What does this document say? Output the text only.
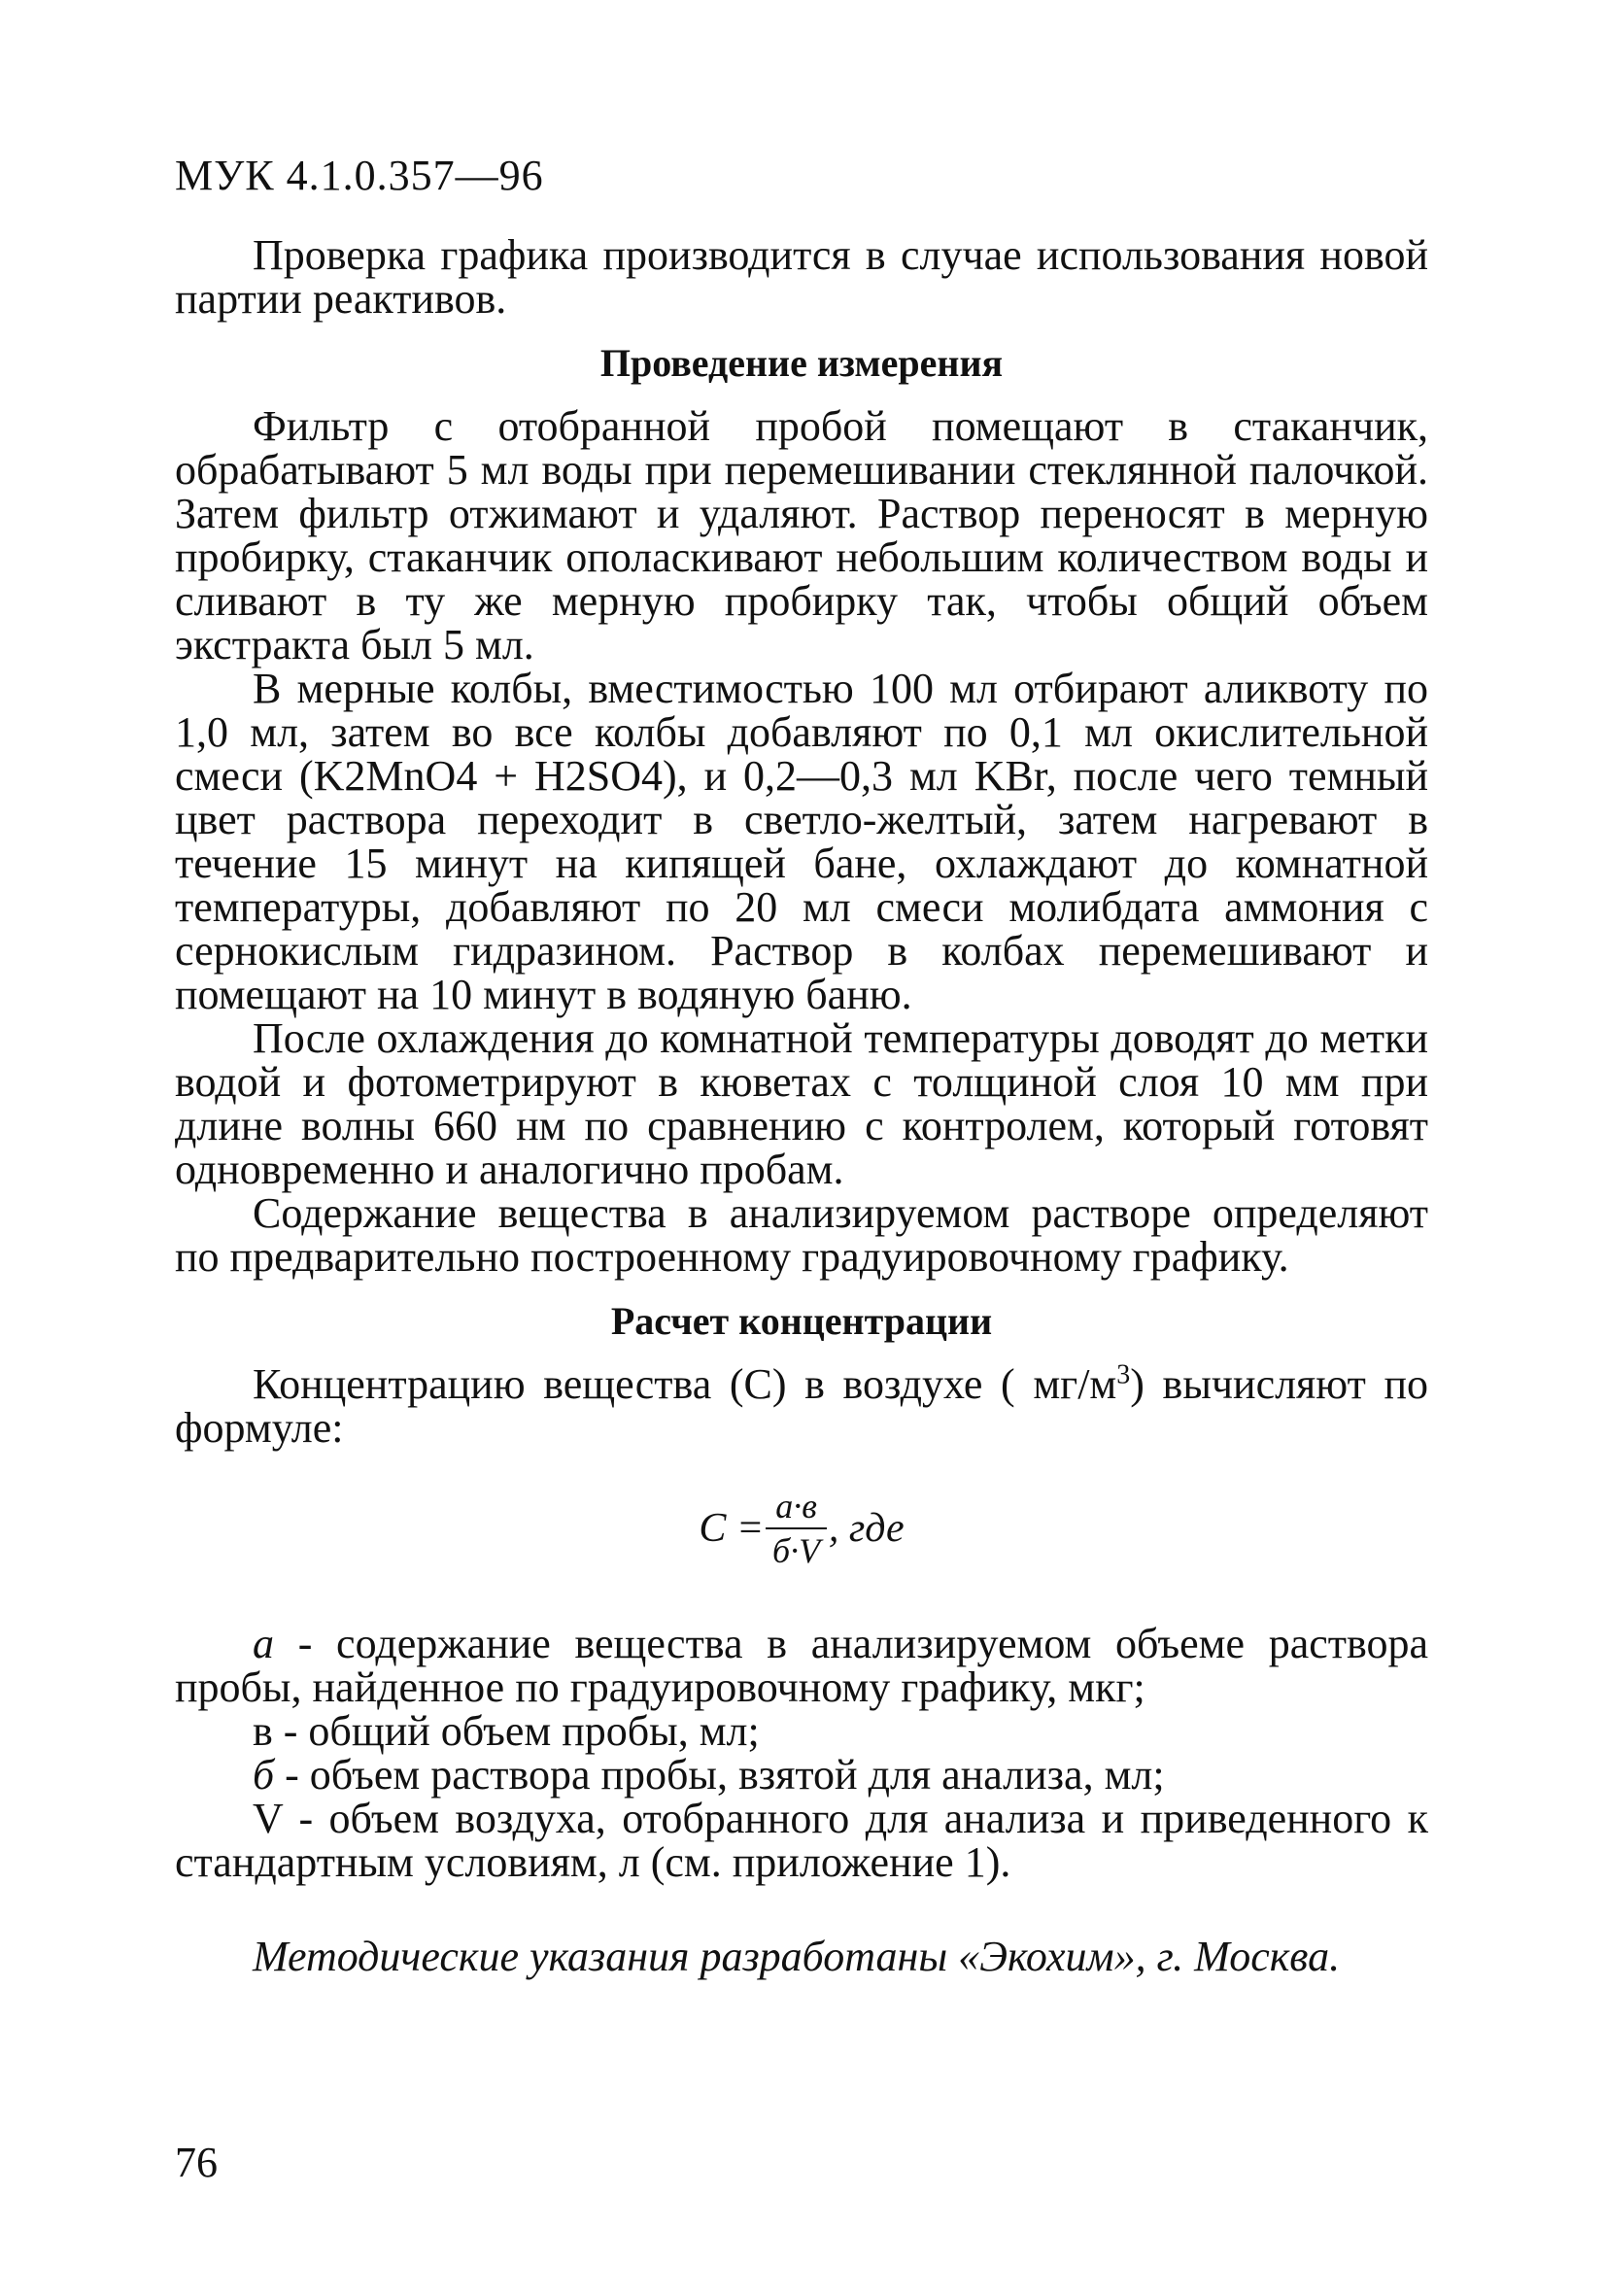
МУК 4.1.0.357—96

Проверка графика производится в случае использования новой партии реактивов.

Проведение измерения

Фильтр с отобранной пробой помещают в стаканчик, обрабатывают 5 мл воды при перемешивании стеклянной палочкой. Затем фильтр отжимают и удаляют. Раствор переносят в мерную пробирку, стаканчик ополаскивают небольшим количеством воды и сливают в ту же мерную пробирку так, чтобы общий объем экстракта был 5 мл.

В мерные колбы, вместимостью 100 мл отбирают аликвоту по 1,0 мл, затем во все колбы добавляют по 0,1 мл окислительной смеси (K2MnO4 + H2SO4), и 0,2—0,3 мл KBr, после чего темный цвет раствора переходит в светло-желтый, затем нагревают в течение 15 минут на кипящей бане, охлаждают до комнатной температуры, добавляют по 20 мл смеси молибдата аммония с сернокислым гидразином. Раствор в колбах перемешивают и помещают на 10 минут в водяную баню.

После охлаждения до комнатной температуры доводят до метки водой и фотометрируют в кюветах с толщиной слоя 10 мм при длине волны 660 нм по сравнению с контролем, который готовят одновременно и аналогично пробам.

Содержание вещества в анализируемом растворе определяют по предварительно построенному градуировочному графику.

Расчет концентрации

Концентрацию вещества (С) в воздухе ( $мг/м^3$) вычисляют по формуле:

$С = \frac{а\cdot в}{б\cdot V}$ , где

а - содержание вещества в анализируемом объеме раствора пробы, найденное по градуировочному графику, мкг;

в - общий объем пробы, мл;

б - объем раствора пробы, взятой для анализа, мл;

V - объем воздуха, отобранного для анализа и приведенного к стандартным условиям, л (см. приложение 1).

Методические указания разработаны «Экохим», г. Москва.

76
